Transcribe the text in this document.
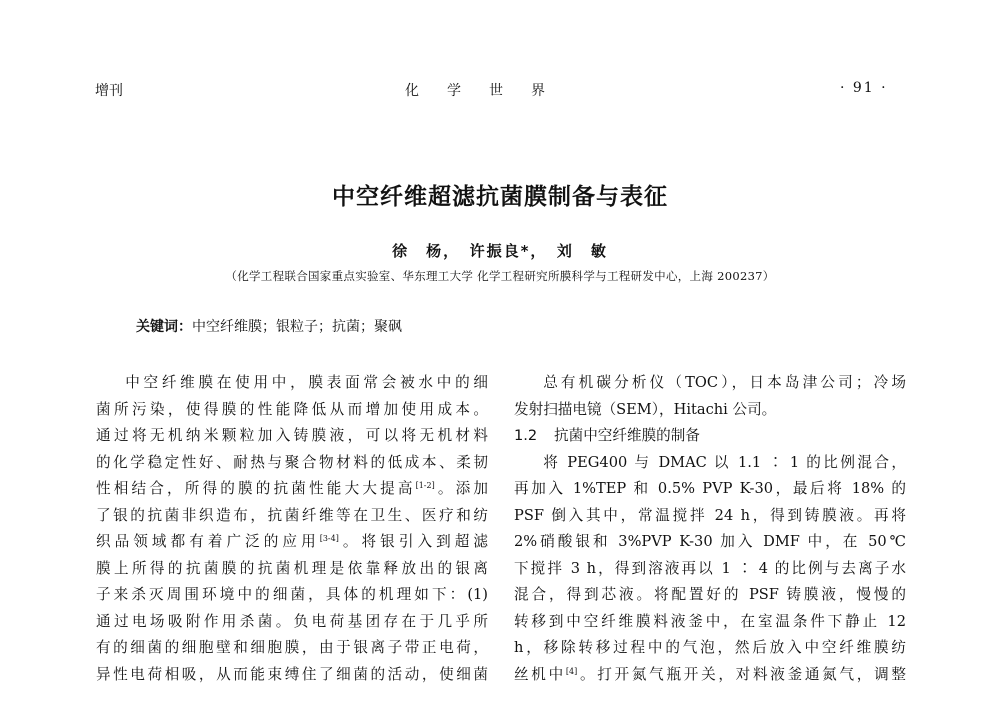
增刊	化学世界	· 91 ·
中空纤维超滤抗菌膜制备与表征
徐　杨，　许振良*，　刘　敏
（化学工程联合国家重点实验室、华东理工大学 化学工程研究所膜科学与工程研发中心，上海 200237）
关键词：中空纤维膜；银粒子；抗菌；聚砜
中空纤维膜在使用中，膜表面常会被水中的细
菌所污染，使得膜的性能降低从而增加使用成本。
通过将无机纳米颗粒加入铸膜液，可以将无机材料
的化学稳定性好、耐热与聚合物材料的低成本、柔韧
性相结合，所得的膜的抗菌性能大大提高[1-2]。添加
了银的抗菌非织造布，抗菌纤维等在卫生、医疗和纺
织品领域都有着广泛的应用[3-4]。将银引入到超滤
膜上所得的抗菌膜的抗菌机理是依靠释放出的银离
子来杀灭周围环境中的细菌，具体的机理如下：(1)
通过电场吸附作用杀菌。负电荷基团存在于几乎所
有的细菌的细胞壁和细胞膜，由于银离子带正电荷，
异性电荷相吸，从而能束缚住了细菌的活动，使细菌
总有机碳分析仪（TOC），日本岛津公司；冷场
发射扫描电镜（SEM），Hitachi 公司。
1.2 抗菌中空纤维膜的制备
将 PEG400 与 DMAC 以 1.1 ∶ 1 的比例混合，
再加入 1%TEP 和 0.5% PVP K-30，最后将 18% 的
PSF 倒入其中，常温搅拌 24 h，得到铸膜液。再将
2%硝酸银和 3%PVP K-30 加入 DMF 中，在 50℃
下搅拌 3 h，得到溶液再以 1 ∶ 4 的比例与去离子水
混合，得到芯液。将配置好的 PSF 铸膜液，慢慢的
转移到中空纤维膜料液釜中，在室温条件下静止 12
h，移除转移过程中的气泡，然后放入中空纤维膜纺
丝机中[4]。打开氮气瓶开关，对料液釜通氮气，调整
